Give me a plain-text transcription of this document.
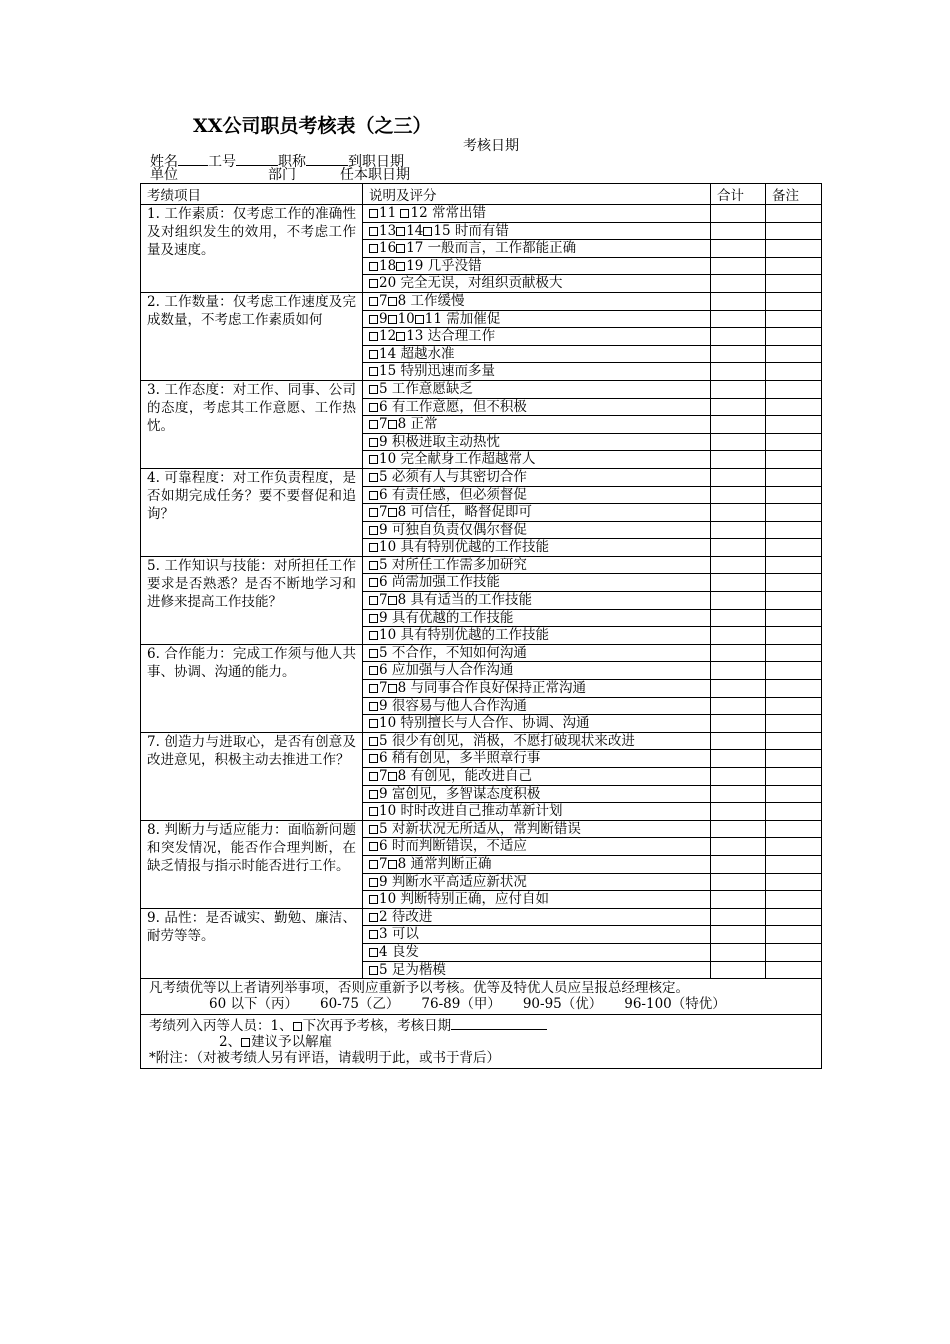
XX公司职员考核表（之三）
考核日期
姓名 工号	职称	到职日期
单位	部门	任本职日期
考绩项目	说明及评分	合计	备注
1. 工作素质：仅考虑工作的准确性及对组织发生的效用，不考虑工作量及速度。	11 12 常常出错		
	13 14 15 时而有错		
	16 17 一般而言，工作都能正确		
	18 19 几乎没错		
	20 完全无误，对组织贡献极大		
2. 工作数量：仅考虑工作速度及完成数量，不考虑工作素质如何	7 8 工作缓慢		
	9 10 11 需加催促		
	12 13 达合理工作		
	14 超越水准		
	15 特别迅速而多量		
3. 工作态度：对工作、同事、公司的态度，考虑其工作意愿、工作热忱。	5 工作意愿缺乏		
	6 有工作意愿，但不积极		
	7 8 正常		
	9 积极进取主动热忱		
	10 完全献身工作超越常人		
4. 可靠程度：对工作负责程度，是否如期完成任务？要不要督促和追询？	5 必须有人与其密切合作		
	6 有责任感，但必须督促		
	7 8 可信任，略督促即可		
	9 可独自负责仅偶尔督促		
	10 具有特别优越的工作技能		
5. 工作知识与技能：对所担任工作要求是否熟悉？是否不断地学习和进修来提高工作技能？	5 对所任工作需多加研究		
	6 尚需加强工作技能		
	7 8 具有适当的工作技能		
	9 具有优越的工作技能		
	10 具有特别优越的工作技能		
6. 合作能力：完成工作须与他人共事、协调、沟通的能力。	5 不合作，不知如何沟通		
	6 应加强与人合作沟通		
	7 8 与同事合作良好保持正常沟通		
	9 很容易与他人合作沟通		
	10 特别擅长与人合作、协调、沟通		
7. 创造力与进取心，是否有创意及改进意见，积极主动去推进工作？	5 很少有创见，消极，不愿打破现状来改进		
	6 稍有创见，多半照章行事		
	7 8 有创见，能改进自己		
	9 富创见，多智谋态度积极		
	10 时时改进自己推动革新计划		
8. 判断力与适应能力：面临新问题和突发情况，能否作合理判断，在缺乏情报与指示时能否进行工作。	5 对新状况无所适从，常判断错误		
	6 时而判断错误，不适应		
	7 8 通常判断正确		
	9 判断水平高适应新状况		
	10 判断特别正确，应付自如		
9. 品性：是否诚实、勤勉、廉洁、耐劳等等。	2 待改进		
	3 可以		
	4 良发		
	5 足为楷模		

凡考绩优等以上者请列举事项，否则应重新予以考核。优等及特优人员应呈报总经理核定。
60 以下（丙） 60-75（乙） 76-89（甲） 90-95（优） 96-100（特优）			

考绩列入丙等人员：1、 下次再予考核，考核日期
2、 建议予以解雇
*附注：（对被考绩人另有评语，请载明于此，或书于背后）			
